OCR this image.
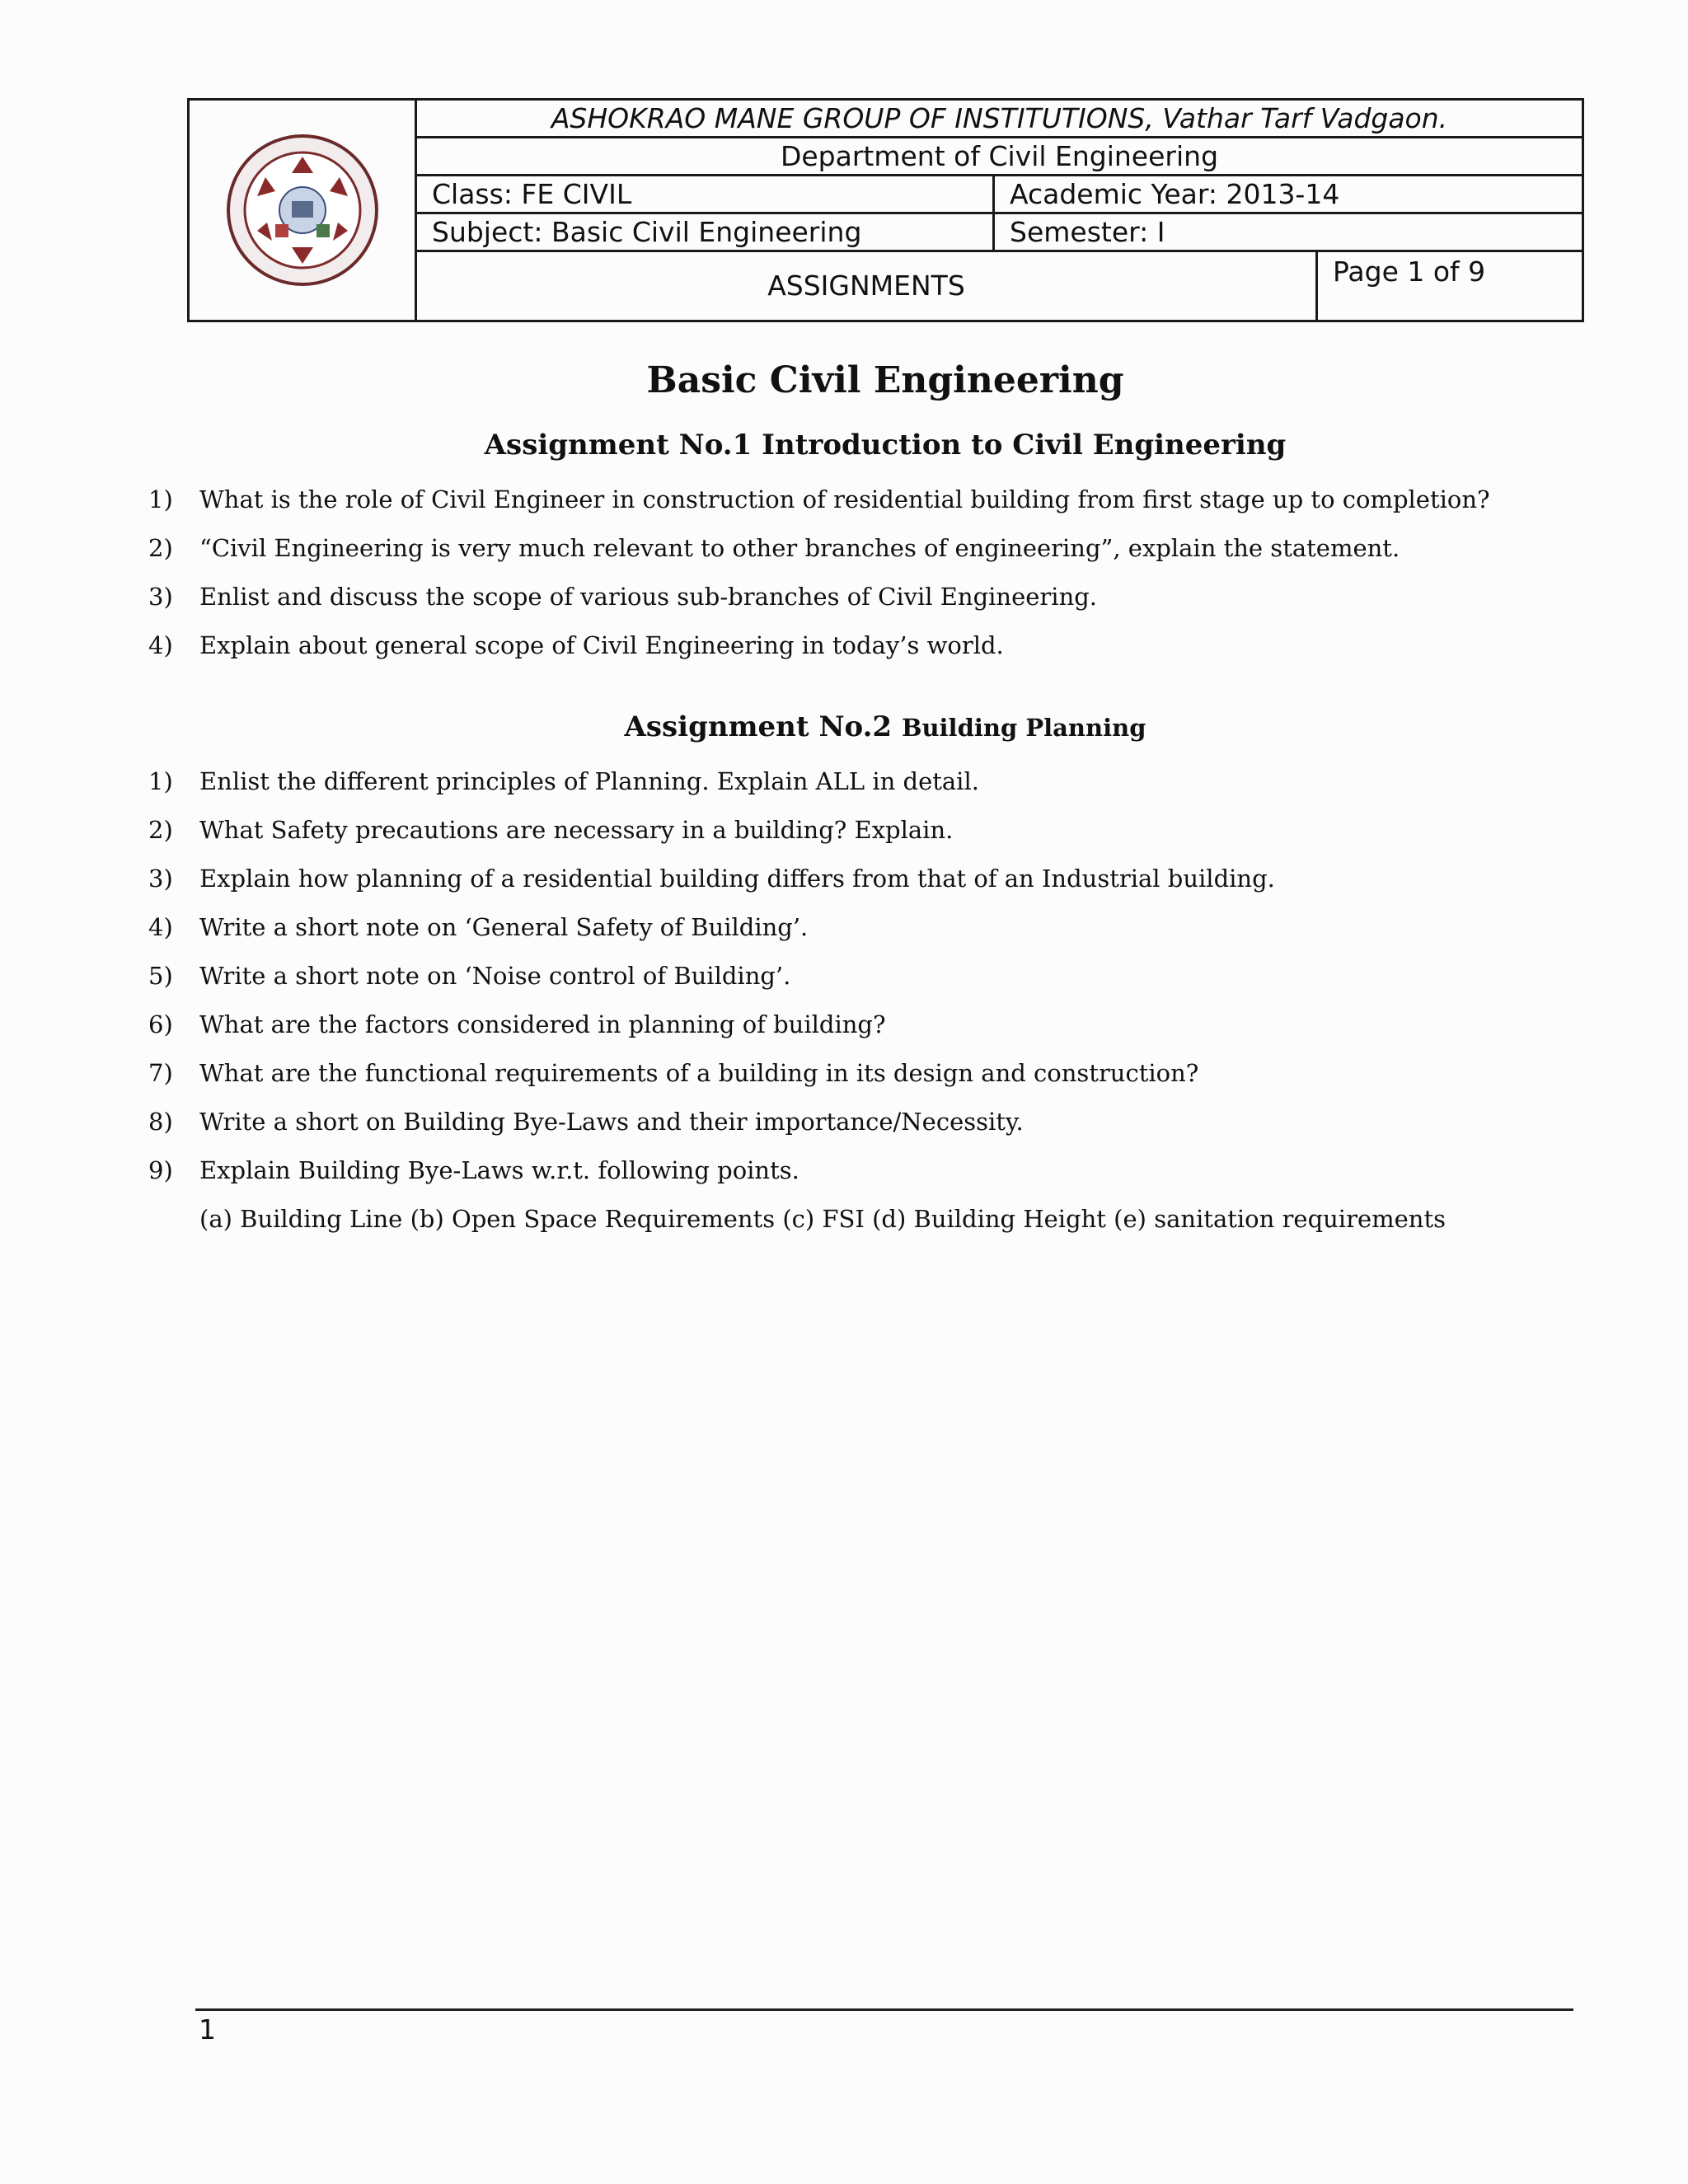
	ASHOKRAO MANE GROUP OF INSTITUTIONS, Vathar Tarf Vadgaon.		
	Department of Civil Engineering		
	Class: FE CIVIL	Academic Year: 2013-14	
	Subject: Basic Civil Engineering	Semester: I	
	ASSIGNMENTS		Page 1 of 9
Basic Civil Engineering
Assignment No.1 Introduction to Civil Engineering
1) What is the role of Civil Engineer in construction of residential building from first stage up to completion?
2) “Civil Engineering is very much relevant to other branches of engineering”, explain the statement.
3) Enlist and discuss the scope of various sub-branches of Civil Engineering.
4) Explain about general scope of Civil Engineering in today’s world.
Assignment No.2 Building Planning
1) Enlist the different principles of Planning. Explain ALL in detail.
2) What Safety precautions are necessary in a building? Explain.
3) Explain how planning of a residential building differs from that of an Industrial building.
4) Write a short note on ‘General Safety of Building’.
5) Write a short note on ‘Noise control of Building’.
6) What are the factors considered in planning of building?
7) What are the functional requirements of a building in its design and construction?
8) Write a short on Building Bye-Laws and their importance/Necessity.
9) Explain Building Bye-Laws w.r.t. following points.
(a) Building Line (b) Open Space Requirements (c) FSI (d) Building Height (e) sanitation requirements
1
